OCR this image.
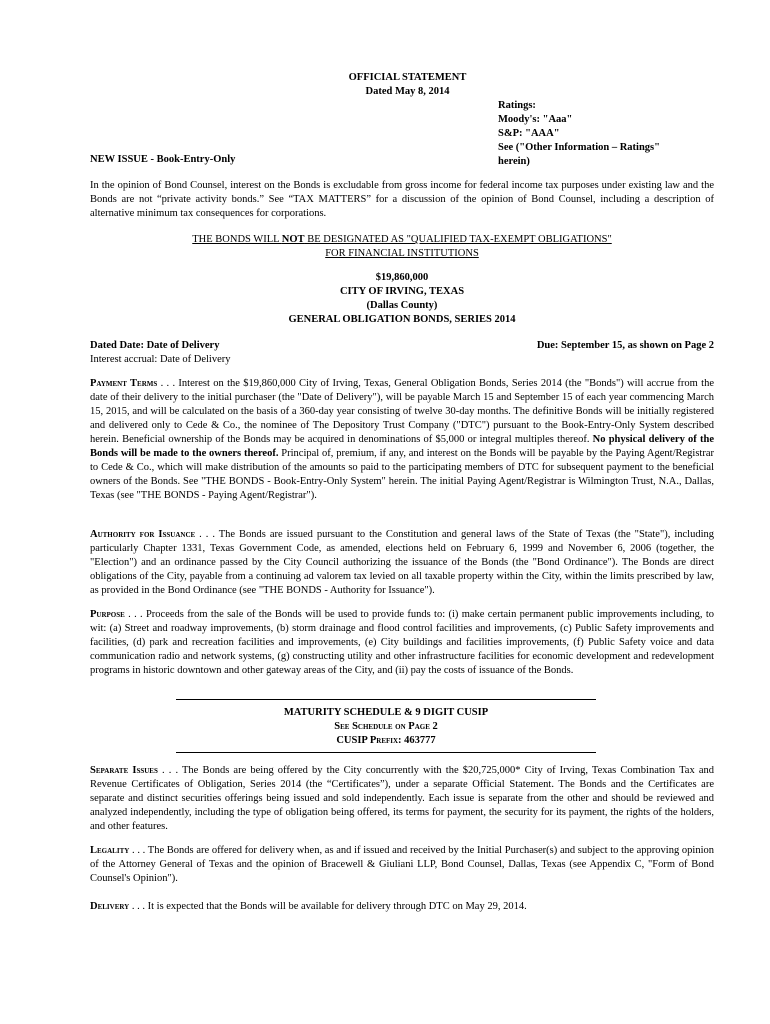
OFFICIAL STATEMENT
Dated May 8, 2014
Ratings:
Moody's: "Aaa"
S&P: "AAA"
See ("Other Information – Ratings"
herein)
NEW ISSUE - Book-Entry-Only

In the opinion of Bond Counsel, interest on the Bonds is excludable from gross income for federal income tax purposes under existing law and the Bonds are not “private activity bonds.” See “TAX MATTERS” for a discussion of the opinion of Bond Counsel, including a description of alternative minimum tax consequences for corporations.

THE BONDS WILL NOT BE DESIGNATED AS "QUALIFIED TAX-EXEMPT OBLIGATIONS"
FOR FINANCIAL INSTITUTIONS
$19,860,000
CITY OF IRVING, TEXAS
(Dallas County)
GENERAL OBLIGATION BONDS, SERIES 2014
Dated Date: Date of Delivery
Interest accrual: Date of Delivery
Due: September 15, as shown on Page 2

Payment Terms . . . Interest on the $19,860,000 City of Irving, Texas, General Obligation Bonds, Series 2014 (the "Bonds") will accrue from the date of their delivery to the initial purchaser (the "Date of Delivery"), will be payable March 15 and September 15 of each year commencing March 15, 2015, and will be calculated on the basis of a 360-day year consisting of twelve 30-day months. The definitive Bonds will be initially registered and delivered only to Cede & Co., the nominee of The Depository Trust Company ("DTC") pursuant to the Book-Entry-Only System described herein. Beneficial ownership of the Bonds may be acquired in denominations of $5,000 or integral multiples thereof. No physical delivery of the Bonds will be made to the owners thereof. Principal of, premium, if any, and interest on the Bonds will be payable by the Paying Agent/Registrar to Cede & Co., which will make distribution of the amounts so paid to the participating members of DTC for subsequent payment to the beneficial owners of the Bonds. See "THE BONDS - Book-Entry-Only System" herein. The initial Paying Agent/Registrar is Wilmington Trust, N.A., Dallas, Texas (see "THE BONDS - Paying Agent/Registrar").

Authority for Issuance . . . The Bonds are issued pursuant to the Constitution and general laws of the State of Texas (the "State"), including particularly Chapter 1331, Texas Government Code, as amended, elections held on February 6, 1999 and November 6, 2006 (together, the "Election") and an ordinance passed by the City Council authorizing the issuance of the Bonds (the "Bond Ordinance"). The Bonds are direct obligations of the City, payable from a continuing ad valorem tax levied on all taxable property within the City, within the limits prescribed by law, as provided in the Bond Ordinance (see "THE BONDS - Authority for Issuance").

Purpose . . . Proceeds from the sale of the Bonds will be used to provide funds to: (i) make certain permanent public improvements including, to wit: (a) Street and roadway improvements, (b) storm drainage and flood control facilities and improvements, (c) Public Safety improvements and facilities, (d) park and recreation facilities and improvements, (e) City buildings and facilities improvements, (f) Public Safety voice and data communication radio and network systems, (g) constructing utility and other infrastructure facilities for economic development and redevelopment programs in historic downtown and other gateway areas of the City, and (ii) pay the costs of issuance of the Bonds.

MATURITY SCHEDULE & 9 DIGIT CUSIP
See Schedule on Page 2
CUSIP Prefix: 463777

Separate Issues . . . The Bonds are being offered by the City concurrently with the $20,725,000* City of Irving, Texas Combination Tax and Revenue Certificates of Obligation, Series 2014 (the “Certificates”), under a separate Official Statement. The Bonds and the Certificates are separate and distinct securities offerings being issued and sold independently. Each issue is separate from the other and should be reviewed and analyzed independently, including the type of obligation being offered, its terms for payment, the security for its payment, the rights of the holders, and other features.

Legality . . . The Bonds are offered for delivery when, as and if issued and received by the Initial Purchaser(s) and subject to the approving opinion of the Attorney General of Texas and the opinion of Bracewell & Giuliani LLP, Bond Counsel, Dallas, Texas (see Appendix C, "Form of Bond Counsel's Opinion").

Delivery . . . It is expected that the Bonds will be available for delivery through DTC on May 29, 2014.
